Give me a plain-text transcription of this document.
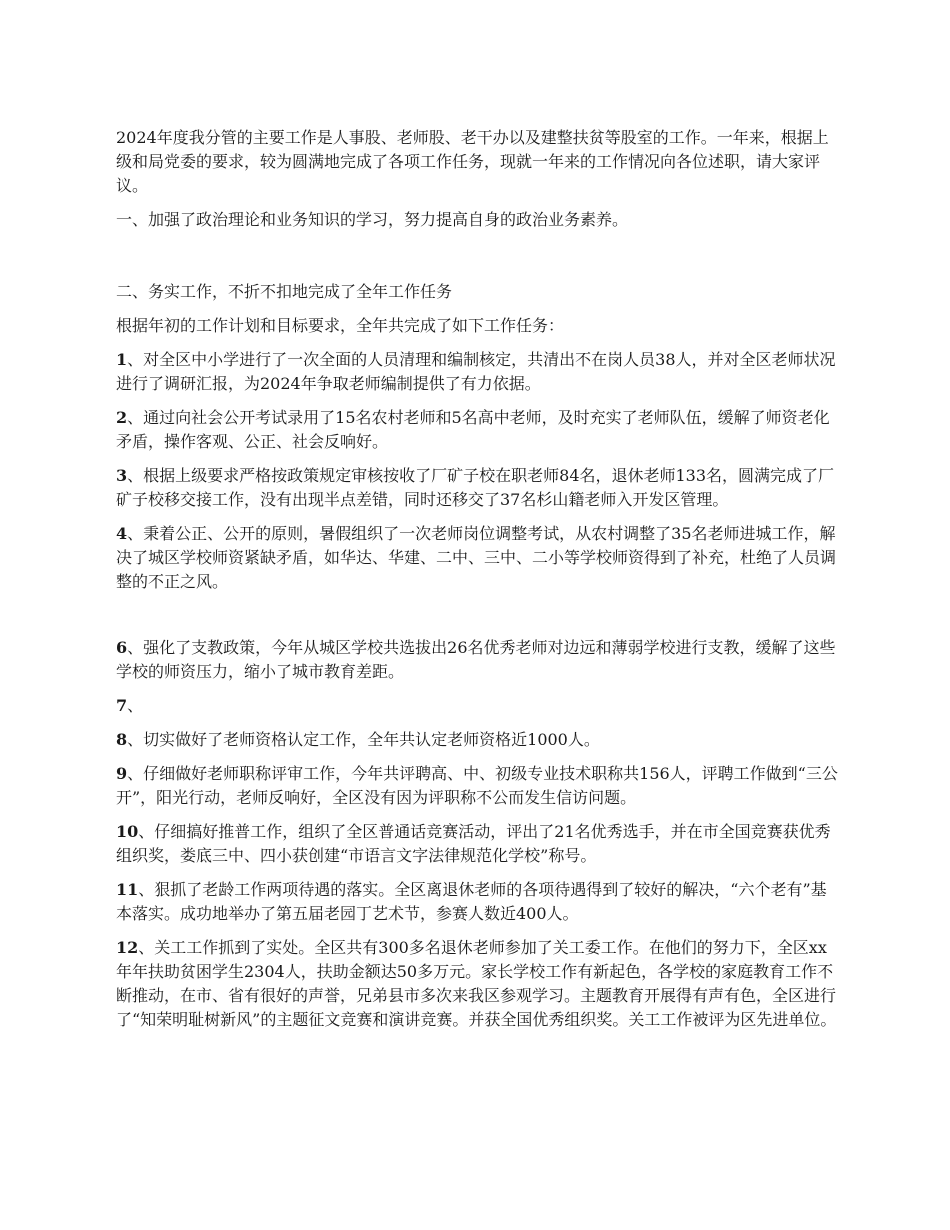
2024年度我分管的主要工作是人事股、老师股、老干办以及建整扶贫等股室的工作。一年来，根据上级和局党委的要求，较为圆满地完成了各项工作任务，现就一年来的工作情况向各位述职，请大家评议。

一、加强了政治理论和业务知识的学习，努力提高自身的政治业务素养。

二、务实工作，不折不扣地完成了全年工作任务

根据年初的工作计划和目标要求，全年共完成了如下工作任务：

1、对全区中小学进行了一次全面的人员清理和编制核定，共清出不在岗人员38人，并对全区老师状况进行了调研汇报，为2024年争取老师编制提供了有力依据。

2、通过向社会公开考试录用了15名农村老师和5名高中老师，及时充实了老师队伍，缓解了师资老化矛盾，操作客观、公正、社会反响好。

3、根据上级要求严格按政策规定审核按收了厂矿子校在职老师84名，退休老师133名，圆满完成了厂矿子校移交接工作，没有出现半点差错，同时还移交了37名杉山籍老师入开发区管理。

4、秉着公正、公开的原则，暑假组织了一次老师岗位调整考试，从农村调整了35名老师进城工作，解决了城区学校师资紧缺矛盾，如华达、华建、二中、三中、二小等学校师资得到了补充，杜绝了人员调整的不正之风。

6、强化了支教政策，今年从城区学校共选拔出26名优秀老师对边远和薄弱学校进行支教，缓解了这些学校的师资压力，缩小了城市教育差距。

7、

8、切实做好了老师资格认定工作，全年共认定老师资格近1000人。

9、仔细做好老师职称评审工作，今年共评聘高、中、初级专业技术职称共156人，评聘工作做到“三公开”，阳光行动，老师反响好，全区没有因为评职称不公而发生信访问题。

10、仔细搞好推普工作，组织了全区普通话竞赛活动，评出了21名优秀选手，并在市全国竞赛获优秀组织奖，娄底三中、四小获创建“市语言文字法律规范化学校”称号。

11、狠抓了老龄工作两项待遇的落实。全区离退休老师的各项待遇得到了较好的解决，“六个老有”基本落实。成功地举办了第五届老园丁艺术节，参赛人数近400人。

12、关工工作抓到了实处。全区共有300多名退休老师参加了关工委工作。在他们的努力下，全区xx年年扶助贫困学生2304人，扶助金额达50多万元。家长学校工作有新起色，各学校的家庭教育工作不断推动，在市、省有很好的声誉，兄弟县市多次来我区参观学习。主题教育开展得有声有色，全区进行了“知荣明耻树新风”的主题征文竞赛和演讲竞赛。并获全国优秀组织奖。关工工作被评为区先进单位。
